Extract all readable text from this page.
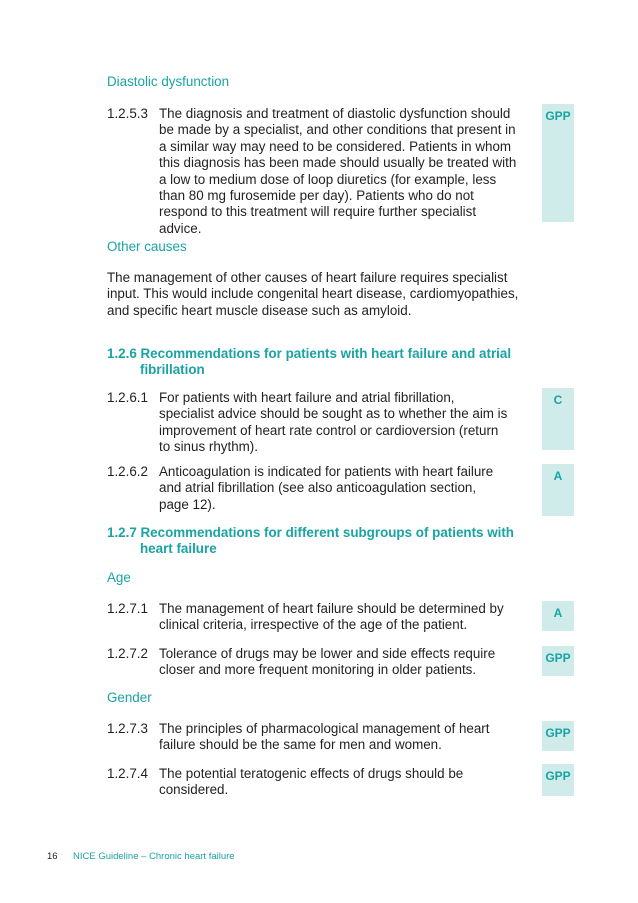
Diastolic dysfunction
1.2.5.3 The diagnosis and treatment of diastolic dysfunction should
be made by a specialist, and other conditions that present in
a similar way may need to be considered. Patients in whom
this diagnosis has been made should usually be treated with
a low to medium dose of loop diuretics (for example, less
than 80 mg furosemide per day). Patients who do not
respond to this treatment will require further specialist
advice.
GPP
Other causes
The management of other causes of heart failure requires specialist
input. This would include congenital heart disease, cardiomyopathies,
and specific heart muscle disease such as amyloid.
1.2.6 Recommendations for patients with heart failure and atrial
fibrillation
1.2.6.1 For patients with heart failure and atrial fibrillation,
specialist advice should be sought as to whether the aim is
improvement of heart rate control or cardioversion (return
to sinus rhythm).
C
1.2.6.2 Anticoagulation is indicated for patients with heart failure
and atrial fibrillation (see also anticoagulation section,
page 12).
A
1.2.7 Recommendations for different subgroups of patients with
heart failure
Age
1.2.7.1 The management of heart failure should be determined by
clinical criteria, irrespective of the age of the patient.
A
1.2.7.2 Tolerance of drugs may be lower and side effects require
closer and more frequent monitoring in older patients.
GPP
Gender
1.2.7.3 The principles of pharmacological management of heart
failure should be the same for men and women.
GPP
1.2.7.4 The potential teratogenic effects of drugs should be
considered.
GPP
16 NICE Guideline – Chronic heart failure
